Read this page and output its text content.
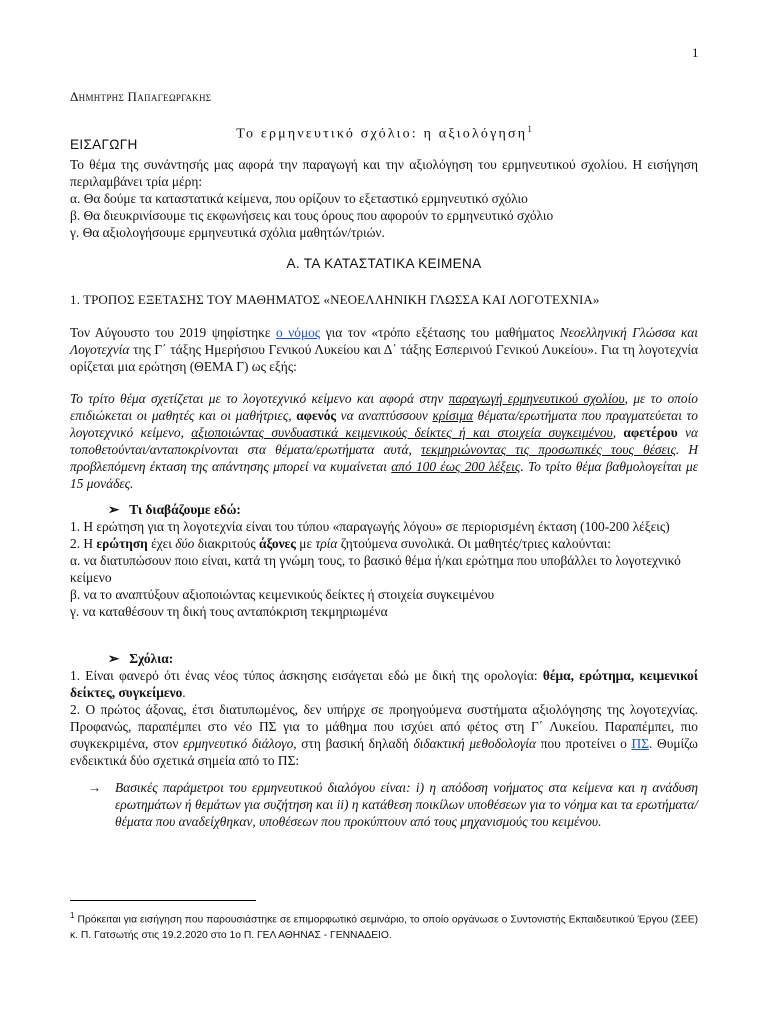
1
Δημητρης Παπαγεωργακης
Το ερμηνευτικό σχόλιο: η αξιολόγηση$^1$
ΕΙΣΑΓΩΓΗ

Το θέμα της συνάντησής μας αφορά την παραγωγή και την αξιολόγηση του ερμηνευτικού σχολίου. Η εισήγηση περιλαμβάνει τρία μέρη:

α. Θα δούμε τα καταστατικά κείμενα, που ορίζουν το εξεταστικό ερμηνευτικό σχόλιο
β. Θα διευκρινίσουμε τις εκφωνήσεις και τους όρους που αφορούν το ερμηνευτικό σχόλιο
γ. Θα αξιολογήσουμε ερμηνευτικά σχόλια μαθητών/τριών.
Α. ΤΑ ΚΑΤΑΣΤΑΤΙΚΑ ΚΕΙΜΕΝΑ
1. ΤΡΟΠΟΣ ΕΞΕΤΑΣΗΣ ΤΟΥ ΜΑΘΗΜΑΤΟΣ «ΝΕΟΕΛΛΗΝΙΚΗ ΓΛΩΣΣΑ ΚΑΙ ΛΟΓΟΤΕΧΝΙΑ»

Τον Αύγουστο του 2019 ψηφίστηκε ο νόμος για τον «τρόπο εξέτασης του μαθήματος Νεοελληνική Γλώσσα και Λογοτεχνία της Γ΄ τάξης Ημερήσιου Γενικού Λυκείου και Δ΄ τάξης Εσπερινού Γενικού Λυκείου». Για τη λογοτεχνία ορίζεται μια ερώτηση (ΘΕΜΑ Γ) ως εξής:

Το τρίτο θέμα σχετίζεται με το λογοτεχνικό κείμενο και αφορά στην παραγωγή ερμηνευτικού σχολίου, με το οποίο επιδιώκεται οι μαθητές και οι μαθήτριες, αφενός να αναπτύσσουν κρίσιμα θέματα/ερωτήματα που πραγματεύεται το λογοτεχνικό κείμενο, αξιοποιώντας συνδυαστικά κειμενικούς δείκτες ή και στοιχεία συγκειμένου, αφετέρου να τοποθετούνται/ανταποκρίνονται στα θέματα/ερωτήματα αυτά, τεκμηριώνοντας τις προσωπικές τους θέσεις. Η προβλεπόμενη έκταση της απάντησης μπορεί να κυμαίνεται από 100 έως 200 λέξεις. Το τρίτο θέμα βαθμολογείται με 15 μονάδες.

➢ Τι διαβάζουμε εδώ:
1. Η ερώτηση για τη λογοτεχνία είναι του τύπου «παραγωγής λόγου» σε περιορισμένη έκταση (100-200 λέξεις)
2. Η ερώτηση έχει δύο διακριτούς άξονες με τρία ζητούμενα συνολικά. Οι μαθητές/τριες καλούνται:
α. να διατυπώσουν ποιο είναι, κατά τη γνώμη τους, το βασικό θέμα ή/και ερώτημα που υποβάλλει το λογοτεχνικό κείμενο
β. να το αναπτύξουν αξιοποιώντας κειμενικούς δείκτες ή στοιχεία συγκειμένου
γ. να καταθέσουν τη δική τους ανταπόκριση τεκμηριωμένα
➢ Σχόλια:
1. Είναι φανερό ότι ένας νέος τύπος άσκησης εισάγεται εδώ με δική της ορολογία: θέμα, ερώτημα, κειμενικοί δείκτες, συγκείμενο.
2. Ο πρώτος άξονας, έτσι διατυπωμένος, δεν υπήρχε σε προηγούμενα συστήματα αξιολόγησης της λογοτεχνίας. Προφανώς, παραπέμπει στο νέο ΠΣ για το μάθημα που ισχύει από φέτος στη Γ΄ Λυκείου. Παραπέμπει, πιο συγκεκριμένα, στον ερμηνευτικό διάλογο, στη βασική δηλαδή διδακτική μεθοδολογία που προτείνει ο ΠΣ. Θυμίζω ενδεικτικά δύο σχετικά σημεία από το ΠΣ:
→	Βασικές παράμετροι του ερμηνευτικού διαλόγου είναι: i) η απόδοση νοήματος στα κείμενα και η ανάδυση ερωτημάτων ή θεμάτων για συζήτηση και ii) η κατάθεση ποικίλων υποθέσεων για το νόημα και τα ερωτήματα/θέματα που αναδείχθηκαν, υποθέσεων που προκύπτουν από τους μηχανισμούς του κειμένου.
$^1$ Πρόκειται για εισήγηση που παρουσιάστηκε σε επιμορφωτικό σεμινάριο, το οποίο οργάνωσε ο Συντονιστής Εκπαιδευτικού Έργου (ΣΕΕ) κ. Π. Γατσωτής στις 19.2.2020 στο 1ο Π. ΓΕΛ ΑΘΗΝΑΣ - ΓΕΝΝΑΔΕΙΟ.
